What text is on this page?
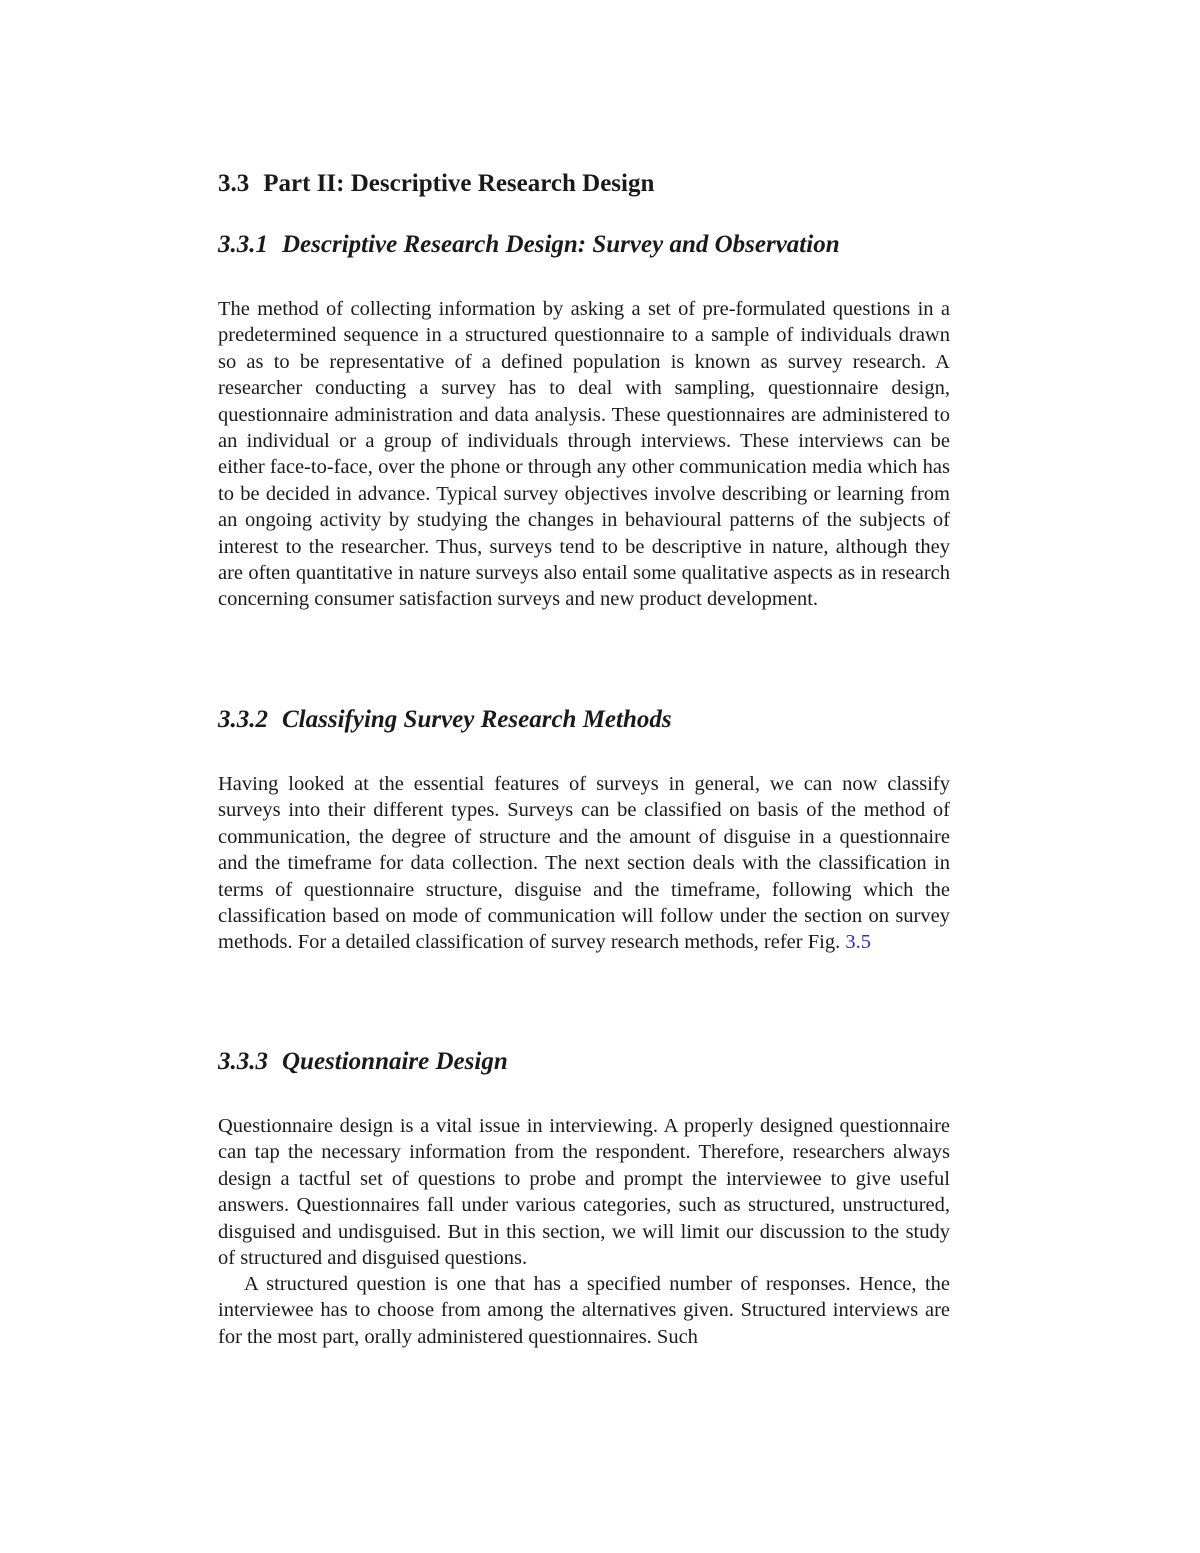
3.3 Part II: Descriptive Research Design
3.3.1 Descriptive Research Design: Survey and Observation

The method of collecting information by asking a set of pre-formulated questions in a predetermined sequence in a structured questionnaire to a sample of individuals drawn so as to be representative of a defined population is known as survey research. A researcher conducting a survey has to deal with sampling, questionnaire design, questionnaire administration and data analysis. These questionnaires are administered to an individual or a group of individuals through interviews. These interviews can be either face-to-face, over the phone or through any other communication media which has to be decided in advance. Typical survey objectives involve describing or learning from an ongoing activity by studying the changes in behavioural patterns of the subjects of interest to the researcher. Thus, surveys tend to be descriptive in nature, although they are often quantitative in nature surveys also entail some qualitative aspects as in research concerning consumer satisfaction surveys and new product development.

3.3.2 Classifying Survey Research Methods

Having looked at the essential features of surveys in general, we can now classify surveys into their different types. Surveys can be classified on basis of the method of communication, the degree of structure and the amount of disguise in a questionnaire and the timeframe for data collection. The next section deals with the classification in terms of questionnaire structure, disguise and the timeframe, following which the classification based on mode of communication will follow under the section on survey methods. For a detailed classification of survey research methods, refer Fig. 3.5

3.3.3 Questionnaire Design

Questionnaire design is a vital issue in interviewing. A properly designed questionnaire can tap the necessary information from the respondent. Therefore, researchers always design a tactful set of questions to probe and prompt the interviewee to give useful answers. Questionnaires fall under various categories, such as structured, unstructured, disguised and undisguised. But in this section, we will limit our discussion to the study of structured and disguised questions.

A structured question is one that has a specified number of responses. Hence, the interviewee has to choose from among the alternatives given. Structured interviews are for the most part, orally administered questionnaires. Such
